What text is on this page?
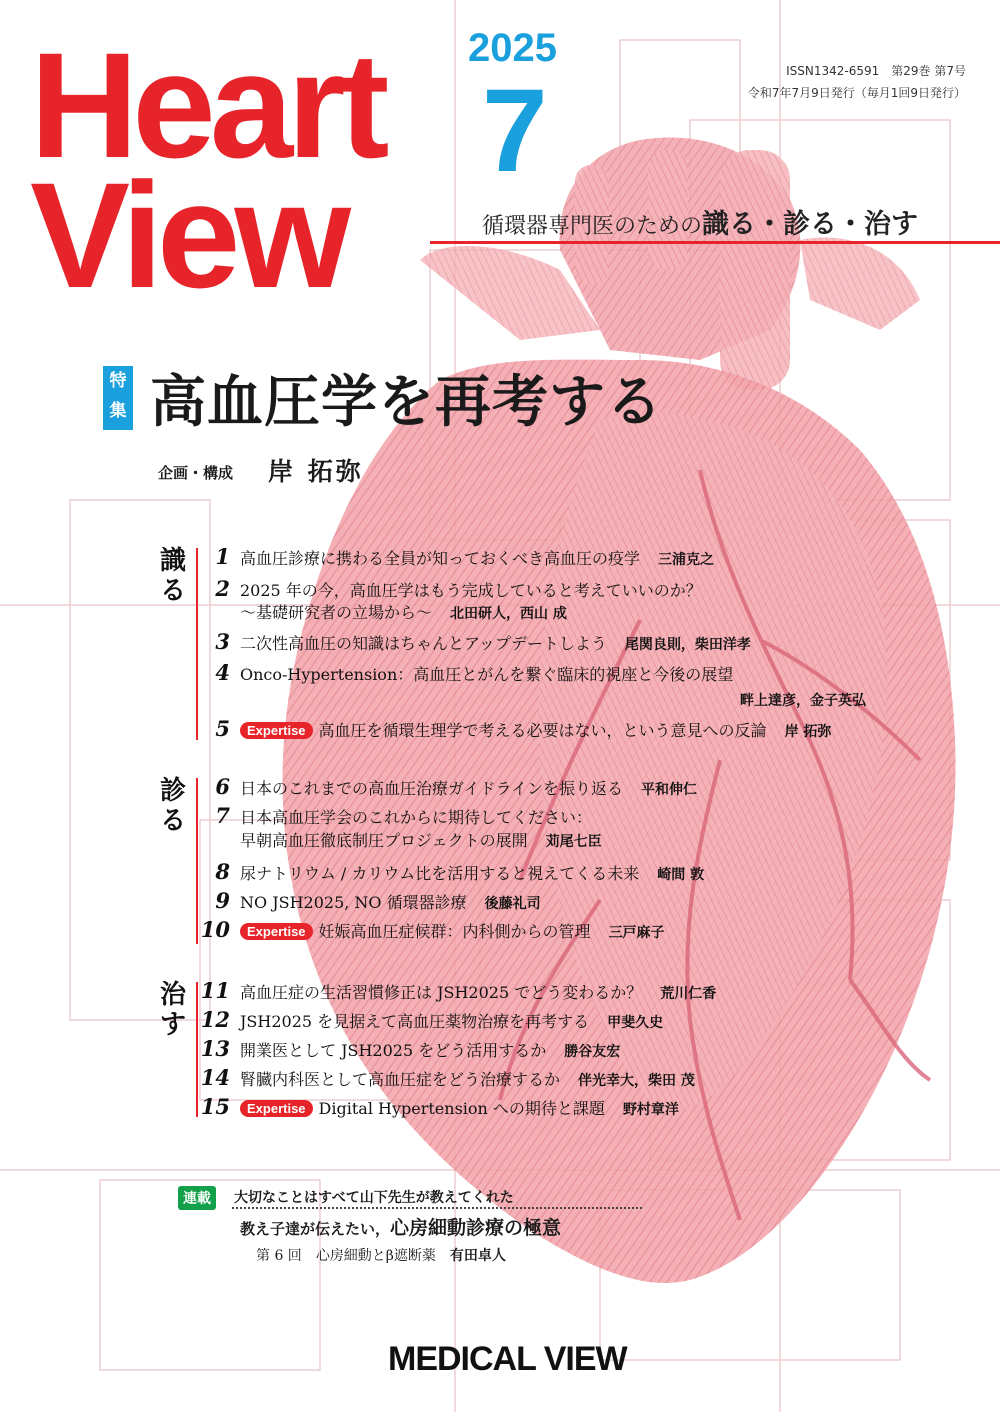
Heart
View
2025
7	ISSN1342-6591　第29巻 第7号
令和7年7月9日発行（毎月1回9日発行）
循環器専門医のための識る・診る・治す
特集 高血圧学を再考する
企画・構成 岸 拓弥
識る
1 高血圧診療に携わる全員が知っておくべき高血圧の疫学 三浦克之
2 2025 年の今，高血圧学はもう完成していると考えていいのか？
〜基礎研究者の立場から〜 北田研人，西山 成
3 二次性高血圧の知識はちゃんとアップデートしよう 尾関良則，柴田洋孝
4 Onco-Hypertension：高血圧とがんを繋ぐ臨床的視座と今後の展望
畔上達彦，金子英弘
5	Expertise 高血圧を循環生理学で考える必要はない，という意見への反論 岸 拓弥
診る
6 日本のこれまでの高血圧治療ガイドラインを振り返る 平和伸仁
7 日本高血圧学会のこれからに期待してください：
早朝高血圧徹底制圧プロジェクトの展開 苅尾七臣
8 尿ナトリウム / カリウム比を活用すると視えてくる未来 崎間 敦
9 NO JSH2025, NO 循環器診療 後藤礼司
10	Expertise 妊娠高血圧症候群：内科側からの管理 三戸麻子
治す
11 高血圧症の生活習慣修正は JSH2025 でどう変わるか？ 荒川仁香
12 JSH2025 を見据えて高血圧薬物治療を再考する 甲斐久史
13 開業医として JSH2025 をどう活用するか 勝谷友宏
14 腎臓内科医として高血圧症をどう治療するか 伴光幸大，柴田 茂
15	Expertise Digital Hypertension への期待と課題 野村章洋
連載	大切なことはすべて山下先生が教えてくれた
教え子達が伝えたい，心房細動診療の極意
第 6 回　 心房細動とβ遮断薬 有田卓人
MEDICAL VIEW
